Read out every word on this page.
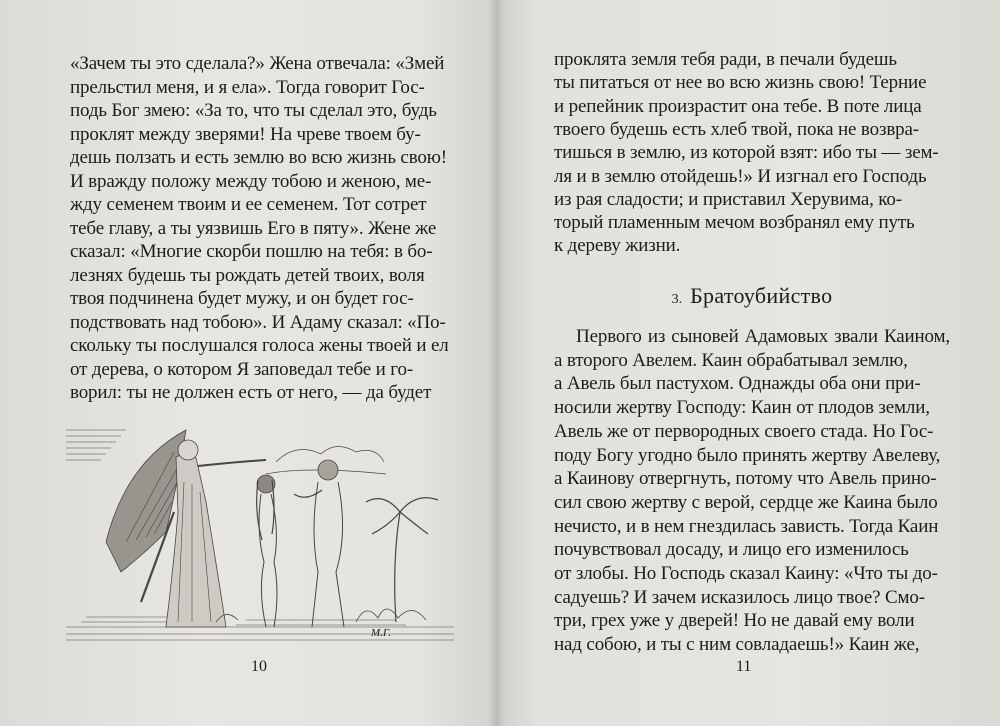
«Зачем ты это сделала?» Жена отвечала: «Змей
прельстил меня, и я ела». Тогда говорит Гос-
подь Бог змею: «За то, что ты сделал это, будь
проклят между зверями! На чреве твоем бу-
дешь ползать и есть землю во всю жизнь свою!
И вражду положу между тобою и женою, ме-
жду семенем твоим и ее семенем. Тот сотрет
тебе главу, а ты уязвишь Его в пяту». Жене же
сказал: «Многие скорби пошлю на тебя: в бо-
лезнях будешь ты рождать детей твоих, воля
твоя подчинена будет мужу, и он будет гос-
подствовать над тобою». И Адаму сказал: «По-
скольку ты послушался голоса жены твоей и ел
от дерева, о котором Я заповедал тебе и го-
ворил: ты не должен есть от него, — да будет
М.Г.
10
проклята земля тебя ради, в печали будешь
ты питаться от нее во всю жизнь свою! Терние
и репейник произрастит она тебе. В поте лица
твоего будешь есть хлеб твой, пока не возвра-
тишься в землю, из которой взят: ибо ты — зем-
ля и в землю отойдешь!» И изгнал его Господь
из рая сладости; и приставил Херувима, ко-
торый пламенным мечом возбранял ему путь
к дереву жизни.
3. Братоубийство
Первого из сыновей Адамовых звали Каином,
а второго Авелем. Каин обрабатывал землю,
а Авель был пастухом. Однажды оба они при-
носили жертву Господу: Каин от плодов земли,
Авель же от первородных своего стада. Но Гос-
поду Богу угодно было принять жертву Авелеву,
а Каинову отвергнуть, потому что Авель прино-
сил свою жертву с верой, сердце же Каина было
нечисто, и в нем гнездилась зависть. Тогда Каин
почувствовал досаду, и лицо его изменилось
от злобы. Но Господь сказал Каину: «Что ты до-
садуешь? И зачем исказилось лицо твое? Смо-
три, грех уже у дверей! Но не давай ему воли
над собою, и ты с ним совладаешь!» Каин же,
11
